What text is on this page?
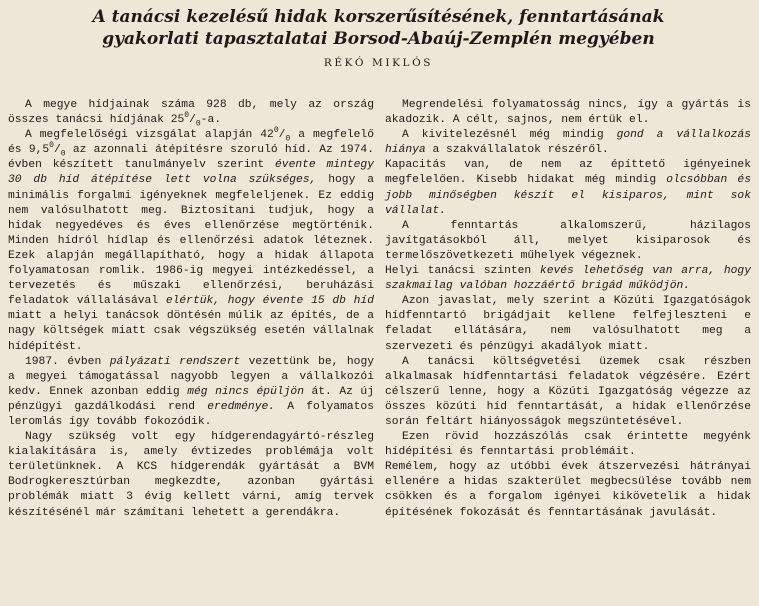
A tanácsi kezelésű hidak korszerűsítésének, fenntartásának
gyakorlati tapasztalatai Borsod-Abaúj-Zemplén megyében
RÉKÓ MIKLÓS

A megye hídjainak száma 928 db, mely az ország összes tanácsi hídjának $25^0/_0-a$.

A megfelelőségi vizsgálat alapján $42^0/_0$ a megfelelő és $9,5^0/_0$ az azonnali átépítésre szoruló híd. Az 1974. évben készített tanulmányelv szerint évente mintegy 30 db híd átépítése lett volna szükséges, hogy a minimális forgalmi igényeknek megfeleljenek. Ez eddig nem valósulhatott meg. Biztosítani tudjuk, hogy a hidak negyedéves és éves ellenőrzése megtörténik. Minden hídról hídlap és ellenőrzési adatok léteznek. Ezek alapján megállapítható, hogy a hidak állapota folyamatosan romlik. 1986-ig megyei intézkedéssel, a tervezetés és műszaki ellenőrzési, beruházási feladatok vállalásával elértük, hogy évente 15 db híd miatt a helyi tanácsok döntésén múlik az építés, de a nagy költségek miatt csak végszükség esetén vállalnak hídépítést.

1987. évben pályázati rendszert vezettünk be, hogy a megyei támogatással nagyobb legyen a vállalkozói kedv. Ennek azonban eddig még nincs épüljön át. Az új pénzügyi gazdálkodási rend eredménye. A folyamatos leromlás így tovább fokozódik.

Nagy szükség volt egy hídgerendagyártó-részleg kialakítására is, amely évtizedes problémája volt területünknek. A KCS hídgerendák gyártását a BVM Bodrogkeresztúrban megkezdte, azonban gyártási problémák miatt 3 évig kellett várni, amíg tervek készítésénél már számítani lehetett a gerendákra.

Megrendelési folyamatosság nincs, így a gyártás is akadozik. A célt, sajnos, nem értük el.

A kivitelezésnél még mindig gond a vállalkozás hiánya a szakvállalatok részéről.

Kapacitás van, de nem az építtető igényeinek megfelelően. Kisebb hidakat még mindig olcsóbban és jobb minőségben készít el kisiparos, mint sok vállalat.

A fenntartás alkalomszerű, házilagos javítgatásokból áll, melyet kisiparosok és termelőszövetkezeti műhelyek végeznek.

Helyi tanácsi szinten kevés lehetőség van arra, hogy szakmailag valóban hozzáértő brigád működjön.

Azon javaslat, mely szerint a Közúti Igazgatóságok hídfenntartó brigádjait kellene felfejleszteni e feladat ellátására, nem valósulhatott meg a szervezeti és pénzügyi akadályok miatt.

A tanácsi költségvetési üzemek csak részben alkalmasak hídfenntartási feladatok végzésére. Ezért célszerű lenne, hogy a Közúti Igazgatóság végezze az összes közúti híd fenntartását, a hidak ellenőrzése során feltárt hiányosságok megszüntetésével.

Ezen rövid hozzászólás csak érintette megyénk hídépítési és fenntartási problémáit.

Remélem, hogy az utóbbi évek átszervezési hátrányai ellenére a hidas szakterület megbecsülése tovább nem csökken és a forgalom igényei kikövetelik a hidak építésének fokozását és fenntartásának javulását.
